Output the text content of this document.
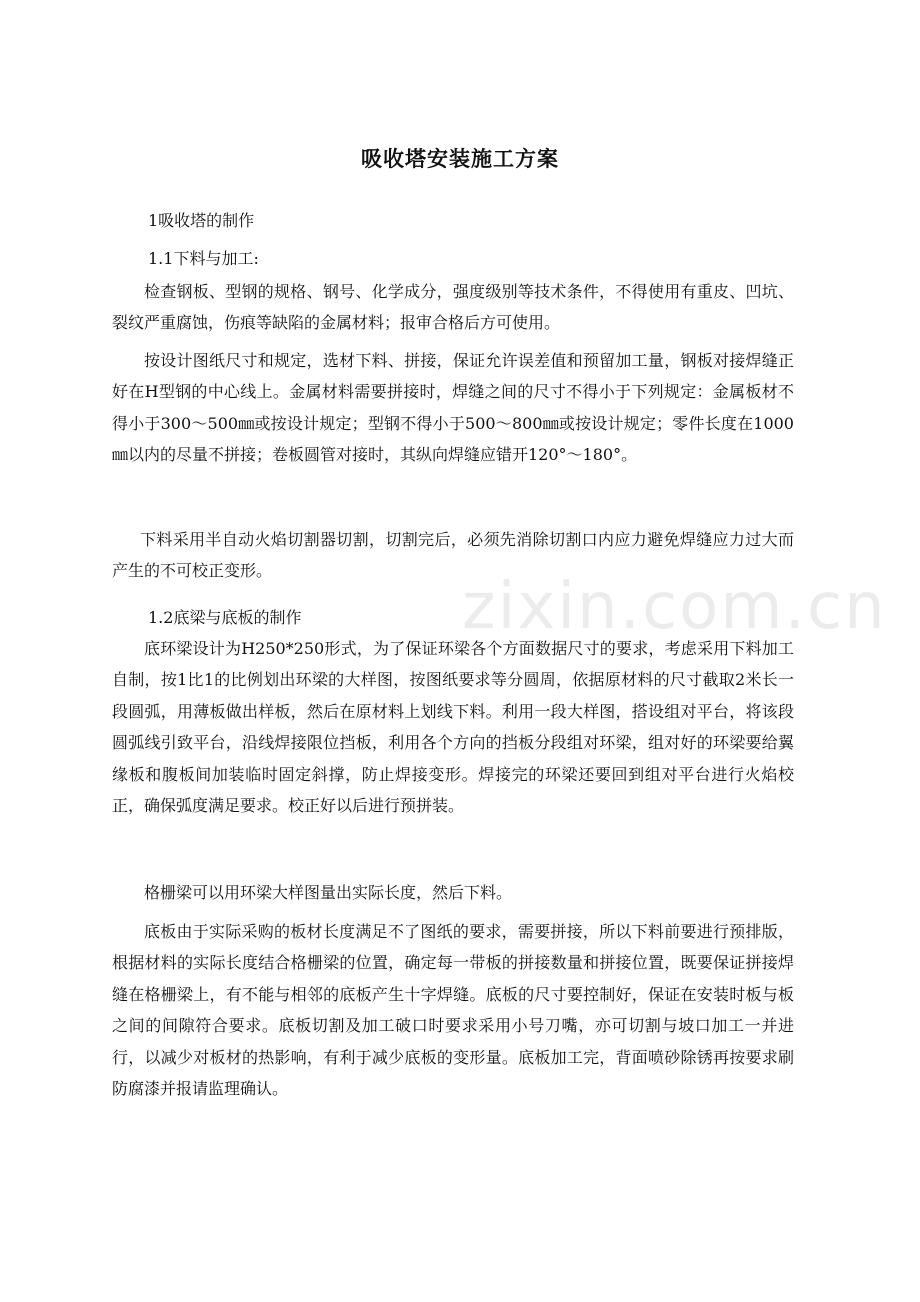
zixin.com.cn
吸收塔安装施工方案

1吸收塔的制作

1.1下料与加工:

检查钢板、型钢的规格、钢号、化学成分，强度级别等技术条件，不得使用有重皮、凹坑、裂纹严重腐蚀，伤痕等缺陷的金属材料；报审合格后方可使用。

按设计图纸尺寸和规定，选材下料、拼接，保证允许误差值和预留加工量，钢板对接焊缝正好在H型钢的中心线上。金属材料需要拼接时，焊缝之间的尺寸不得小于下列规定：金属板材不得小于300～500㎜或按设计规定；型钢不得小于500～800㎜或按设计规定；零件长度在1000㎜以内的尽量不拼接；卷板圆管对接时，其纵向焊缝应错开120°～180°。

下料采用半自动火焰切割器切割，切割完后，必须先消除切割口内应力避免焊缝应力过大而产生的不可校正变形。

1.2底梁与底板的制作

底环梁设计为H250*250形式，为了保证环梁各个方面数据尺寸的要求，考虑采用下料加工自制，按1比1的比例划出环梁的大样图，按图纸要求等分圆周，依据原材料的尺寸截取2米长一段圆弧，用薄板做出样板，然后在原材料上划线下料。利用一段大样图，搭设组对平台，将该段圆弧线引致平台，沿线焊接限位挡板，利用各个方向的挡板分段组对环梁，组对好的环梁要给翼缘板和腹板间加装临时固定斜撑，防止焊接变形。焊接完的环梁还要回到组对平台进行火焰校正，确保弧度满足要求。校正好以后进行预拼装。

格栅梁可以用环梁大样图量出实际长度，然后下料。

底板由于实际采购的板材长度满足不了图纸的要求，需要拼接，所以下料前要进行预排版，根据材料的实际长度结合格栅梁的位置，确定每一带板的拼接数量和拼接位置，既要保证拼接焊缝在格栅梁上，有不能与相邻的底板产生十字焊缝。底板的尺寸要控制好，保证在安装时板与板之间的间隙符合要求。底板切割及加工破口时要求采用小号刀嘴，亦可切割与坡口加工一并进行，以减少对板材的热影响，有利于减少底板的变形量。底板加工完，背面喷砂除锈再按要求刷防腐漆并报请监理确认。
